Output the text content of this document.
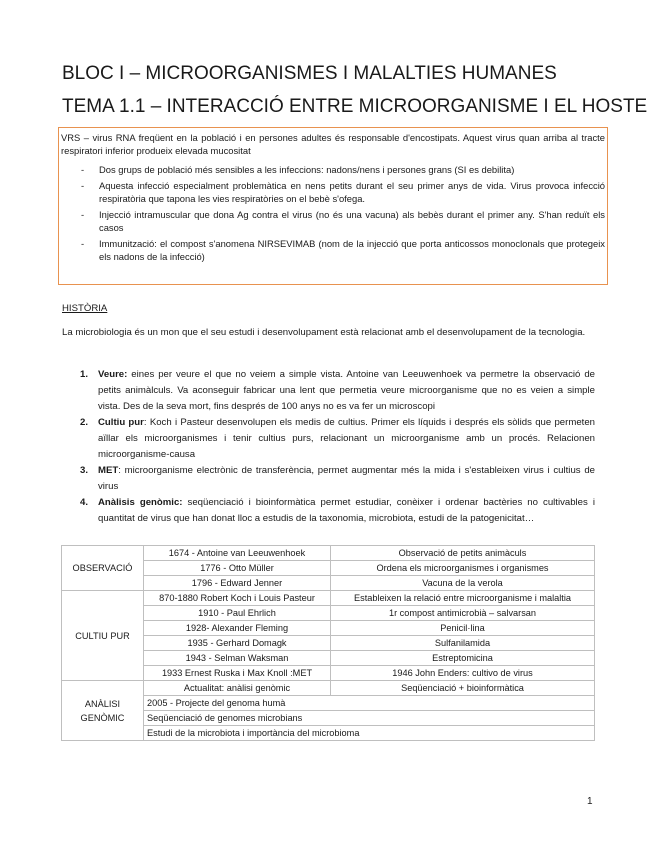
BLOC I – MICROORGANISMES I MALALTIES HUMANES
TEMA 1.1 – INTERACCIÓ ENTRE MICROORGANISME I EL HOSTE

VRS – virus RNA freqüent en la població i en persones adultes és responsable d'encostipats. Aquest virus quan arriba al tracte respiratori inferior produeix elevada mucositat

- Dos grups de població més sensibles a les infeccions: nadons/nens i persones grans (SI es debilita)
- Aquesta infecció especialment problemàtica en nens petits durant el seu primer anys de vida. Virus provoca infecció respiratòria que tapona les vies respiratòries on el bebè s'ofega.
- Injecció intramuscular que dona Ag contra el virus (no és una vacuna) als bebès durant el primer any. S'han reduït els casos
- Immunització: el compost s'anomena NIRSEVIMAB (nom de la injecció que porta anticossos monoclonals que protegeix els nadons de la infecció)

HISTÒRIA

La microbiologia és un mon que el seu estudi i desenvolupament està relacionat amb el desenvolupament de la tecnologia.

1. Veure: eines per veure el que no veiem a simple vista. Antoine van Leeuwenhoek va permetre la observació de petits animàlculs. Va aconseguir fabricar una lent que permetia veure microorganisme que no es veien a simple vista. Des de la seva mort, fins després de 100 anys no es va fer un microscopi
2. Cultiu pur: Koch i Pasteur desenvolupen els medis de cultius. Primer els líquids i després els sòlids que permeten aïllar els microorganismes i tenir cultius purs, relacionant un microorganisme amb un procés. Relacionen microorganisme-causa
3. MET: microorganisme electrònic de transferència, permet augmentar més la mida i s'estableixen virus i cultius de virus
4. Anàlisis genòmic: seqüenciació i bioinformàtica permet estudiar, conèixer i ordenar bactèries no cultivables i quantitat de virus que han donat lloc a estudis de la taxonomia, microbiota, estudi de la patogenicitat…
OBSERVACIÓ	1674 - Antoine van Leeuwenhoek	Observació de petits animàculs
	1776 - Otto Müller	Ordena els microorganismes i organismes
	1796 - Edward Jenner	Vacuna de la verola
CULTIU PUR	870-1880 Robert Koch i Louis Pasteur	Estableixen la relació entre microorganisme i malaltia
	1910 - Paul Ehrlich	1r compost antimicrobià – salvarsan
	1928- Alexander Fleming	Penicil·lina
	1935 - Gerhard Domagk	Sulfanilamida
	1943 - Selman Waksman	Estreptomicina
	1933 Ernest Ruska i Max Knoll :MET	1946 John Enders: cultivo de virus
ANÀLISI
GENÒMIC	Actualitat: anàlisi genòmic	Seqüenciació + bioinformàtica
	2005 - Projecte del genoma humà	
	Seqüenciació de genomes microbians	
	Estudi de la microbiota i importància del microbioma	
1
